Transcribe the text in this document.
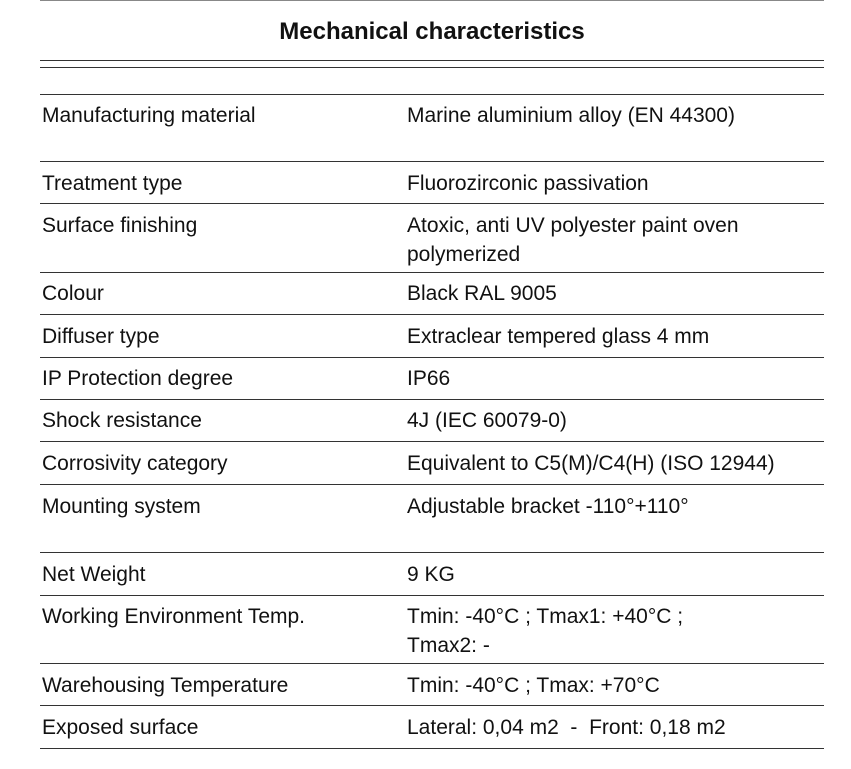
Mechanical characteristics
Manufacturing material	Marine aluminium alloy (EN 44300)
Treatment type	Fluorozirconic passivation
Surface finishing	Atoxic, anti UV polyester paint oven
polymerized
Colour	Black RAL 9005
Diffuser type	Extraclear tempered glass 4 mm
IP Protection degree	IP66
Shock resistance	4J (IEC 60079-0)
Corrosivity category	Equivalent to C5(M)/C4(H) (ISO 12944)
Mounting system	Adjustable bracket -110°+110°
Net Weight	9 KG
Working Environment Temp.	Tmin: -40°C ; Tmax1: +40°C ;
Tmax2: -
Warehousing Temperature	Tmin: -40°C ; Tmax: +70°C
Exposed surface	Lateral: 0,04 m2  -  Front: 0,18 m2
